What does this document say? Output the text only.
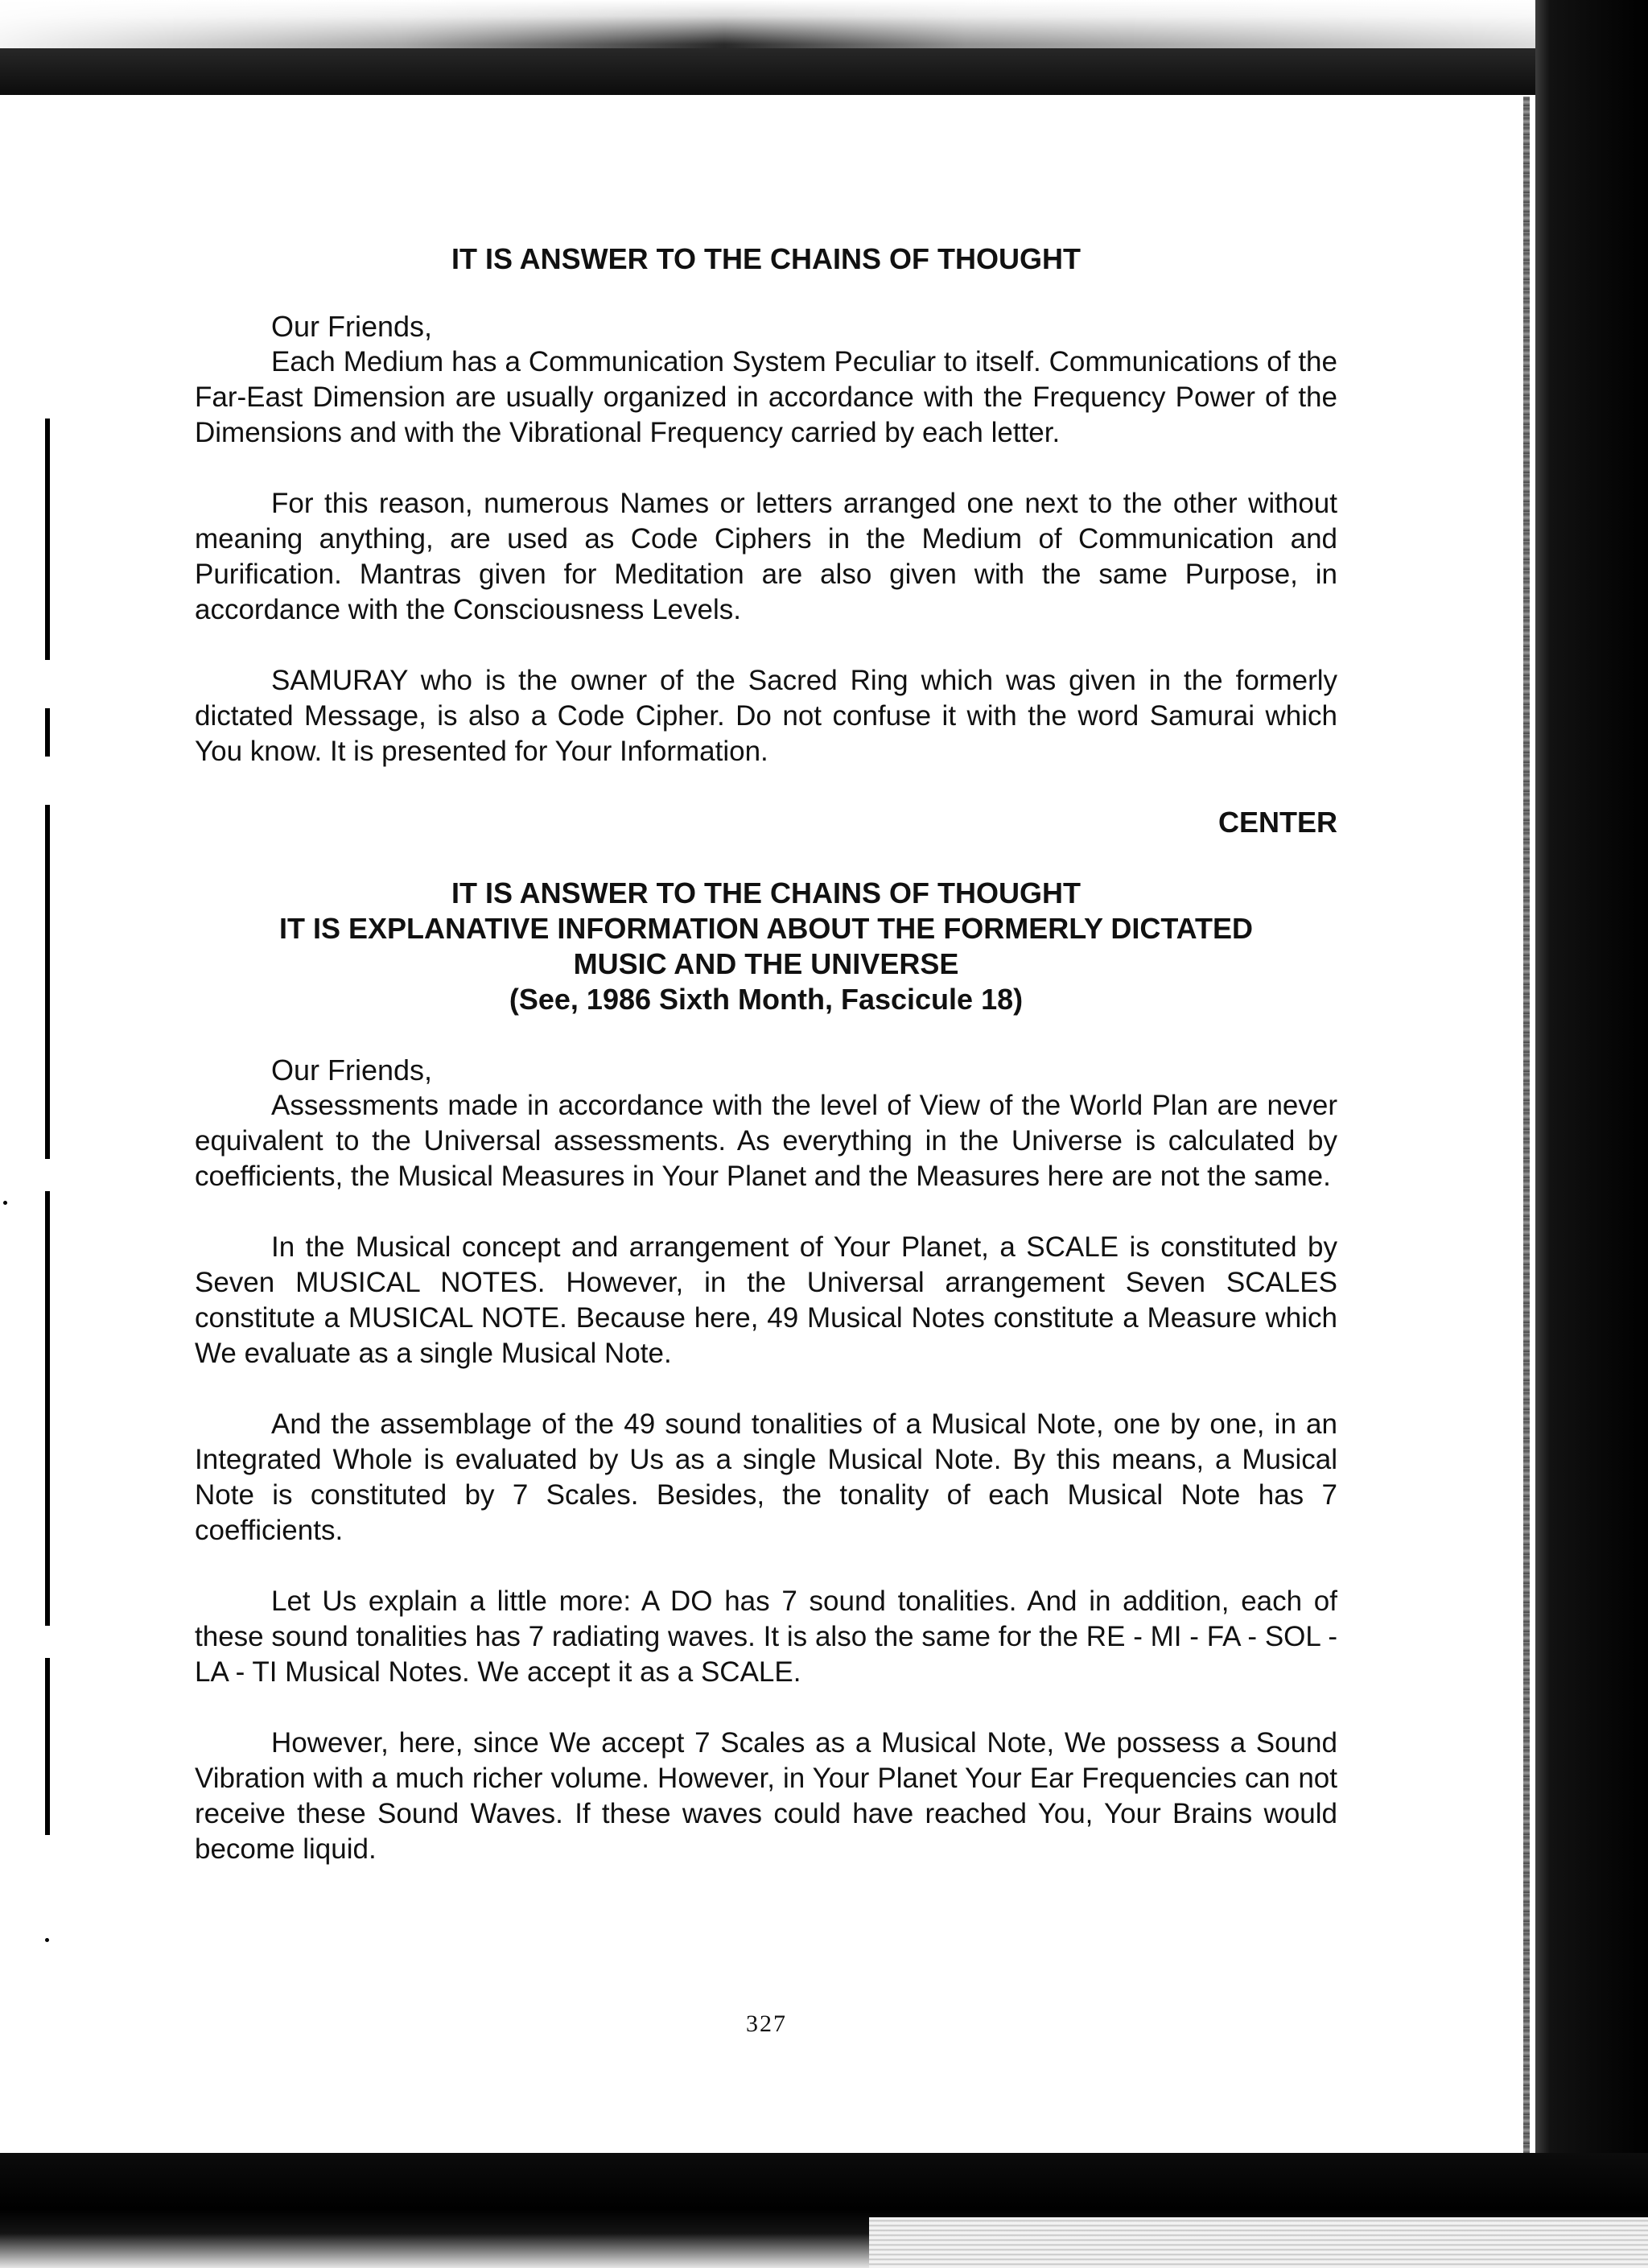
IT IS ANSWER TO THE CHAINS OF THOUGHT

Our Friends,

Each Medium has a Communication System Peculiar to itself. Communications of the Far-East Dimension are usually organized in accordance with the Frequency Power of the Dimensions and with the Vibrational Frequency carried by each letter.

For this reason, numerous Names or letters arranged one next to the other without meaning anything, are used as Code Ciphers in the Medium of Communication and Purification. Mantras given for Meditation are also given with the same Purpose, in accordance with the Consciousness Levels.

SAMURAY who is the owner of the Sacred Ring which was given in the formerly dictated Message, is also a Code Cipher. Do not confuse it with the word Samurai which You know. It is presented for Your Information.

CENTER

IT IS ANSWER TO THE CHAINS OF THOUGHT

IT IS EXPLANATIVE INFORMATION ABOUT THE FORMERLY DICTATED

MUSIC AND THE UNIVERSE

(See, 1986 Sixth Month, Fascicule 18)

Our Friends,

Assessments made in accordance with the level of View of the World Plan are never equivalent to the Universal assessments. As everything in the Universe is calculated by coefficients, the Musical Measures in Your Planet and the Measures here are not the same.

In the Musical concept and arrangement of Your Planet, a SCALE is constituted by Seven MUSICAL NOTES. However, in the Universal arrangement Seven SCALES constitute a MUSICAL NOTE. Because here, 49 Musical Notes constitute a Measure which We evaluate as a single Musical Note.

And the assemblage of the 49 sound tonalities of a Musical Note, one by one, in an Integrated Whole is evaluated by Us as a single Musical Note. By this means, a Musical Note is constituted by 7 Scales. Besides, the tonality of each Musical Note has 7 coefficients.

Let Us explain a little more: A DO has 7 sound tonalities. And in addition, each of these sound tonalities has 7 radiating waves. It is also the same for the RE - MI - FA - SOL - LA - TI Musical Notes. We accept it as a SCALE.

However, here, since We accept 7 Scales as a Musical Note, We possess a Sound Vibration with a much richer volume. However, in Your Planet Your Ear Frequencies can not receive these Sound Waves. If these waves could have reached You, Your Brains would become liquid.

327
